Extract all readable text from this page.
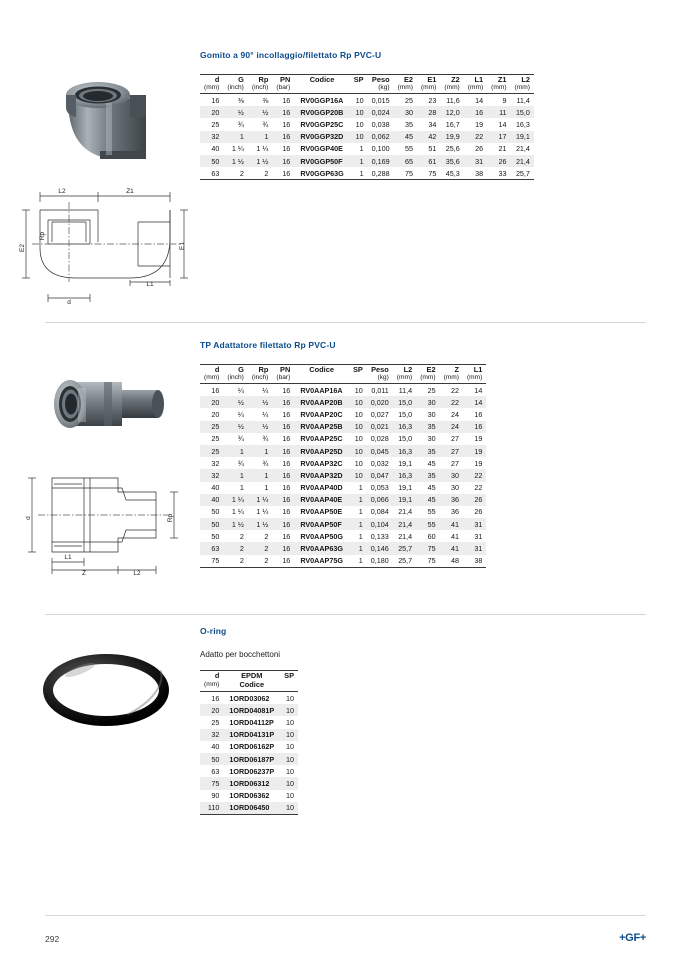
L2	Z1
E2
Rp
L1
E1
d
Gomito a 90° incollaggio/filettato Rp PVC-U
d	G	Rp	PN	Codice	SP	Peso	E2	E1	Z2	L1	Z1	L2
(mm)	(inch)	(inch)	(bar)			(kg)	(mm)	(mm)	(mm)	(mm)	(mm)	(mm)
16	⅜	⅜	16	RV0GGP16A	10	0,015	25	23	11,6	14	9	11,4
20	½	½	16	RV0GGP20B	10	0,024	30	28	12,0	16	11	15,0
25	¾	¾	16	RV0GGP25C	10	0,038	35	34	16,7	19	14	16,3
32	1	1	16	RV0GGP32D	10	0,062	45	42	19,9	22	17	19,1
40	1 ¼	1 ¼	16	RV0GGP40E	1	0,100	55	51	25,6	26	21	21,4
50	1 ½	1 ½	16	RV0GGP50F	1	0,169	65	61	35,6	31	26	21,4
63	2	2	16	RV0GGP63G	1	0,288	75	75	45,3	38	33	25,7
d	Rp
L1
Z	L2
TP Adattatore filettato Rp PVC-U
d	G	Rp	PN	Codice	SP	Peso	L2	E2	Z	L1
(mm)	(inch)	(inch)	(bar)			(kg)	(mm)	(mm)	(mm)	(mm)
16	¼	¼	16	RV0AAP16A	10	0,011	11,4	25	22	14
20	½	½	16	RV0AAP20B	10	0,020	15,0	30	22	14
20	¼	¼	16	RV0AAP20C	10	0,027	15,0	30	24	16
25	½	½	16	RV0AAP25B	10	0,021	16,3	35	24	16
25	¾	¾	16	RV0AAP25C	10	0,028	15,0	30	27	19
25	1	1	16	RV0AAP25D	10	0,045	16,3	35	27	19
32	¾	¾	16	RV0AAP32C	10	0,032	19,1	45	27	19
32	1	1	16	RV0AAP32D	10	0,047	16,3	35	30	22
40	1	1	16	RV0AAP40D	1	0,053	19,1	45	30	22
40	1 ¼	1 ¼	16	RV0AAP40E	1	0,066	19,1	45	36	26
50	1 ¼	1 ¼	16	RV0AAP50E	1	0,084	21,4	55	36	26
50	1 ½	1 ½	16	RV0AAP50F	1	0,104	21,4	55	41	31
50	2	2	16	RV0AAP50G	1	0,133	21,4	60	41	31
63	2	2	16	RV0AAP63G	1	0,146	25,7	75	41	31
75	2	2	16	RV0AAP75G	1	0,180	25,7	75	48	38
O-ring
Adatto per bocchettoni
d	EPDM	SP
(mm)	Codice	
16	1ORD03062	10
20	1ORD04081P	10
25	1ORD04112P	10
32	1ORD04131P	10
40	1ORD06162P	10
50	1ORD06187P	10
63	1ORD06237P	10
75	1ORD06312	10
90	1ORD06362	10
110	1ORD06450	10
292	+GF+
